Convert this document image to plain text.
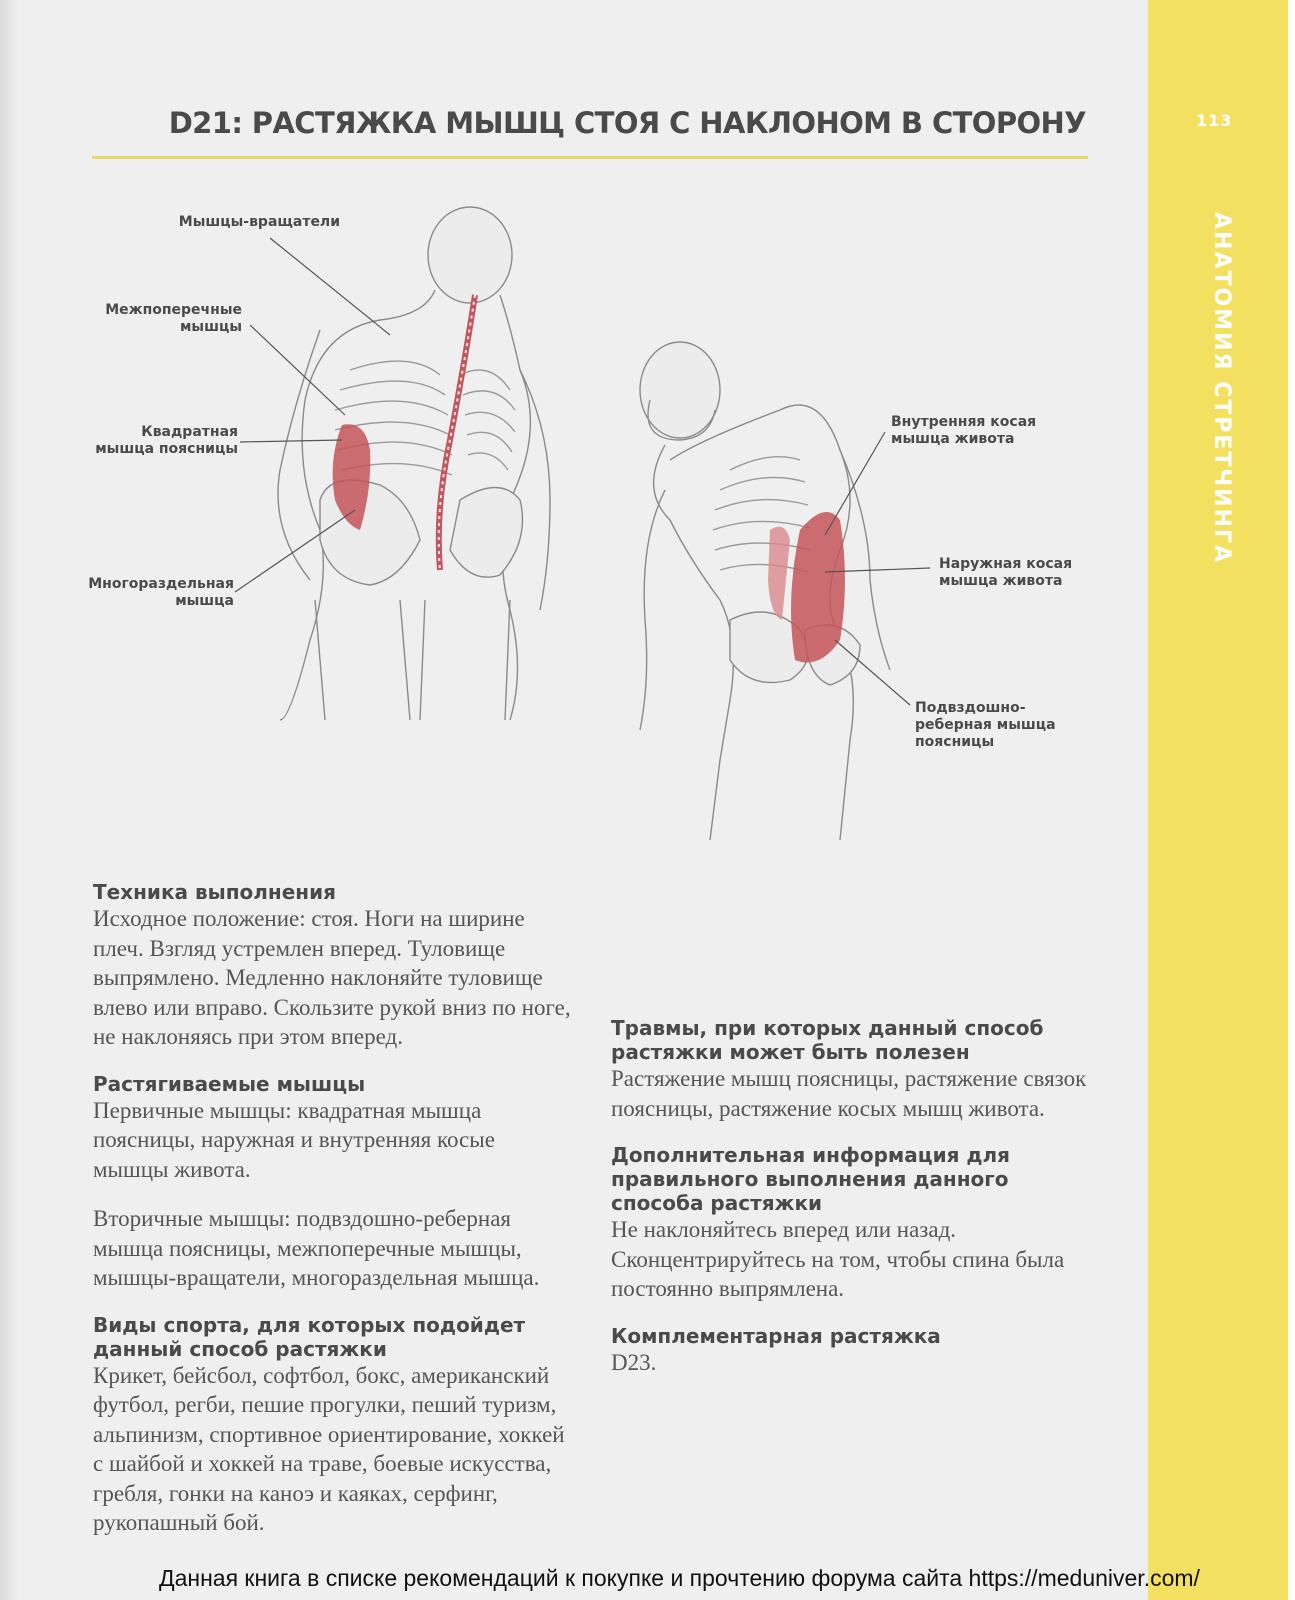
113
АНАТОМИЯ СТРЕТЧИНГА
D21: РАСТЯЖКА МЫШЦ СТОЯ С НАКЛОНОМ В СТОРОНУ
Мышцы-вращатели
Межпоперечные
мышцы
Квадратная
мышца поясницы
Многораздельная
мышца
Внутренняя косая
мышца живота
Наружная косая
мышца живота
Подвздошно-
реберная мышца
поясницы
Техника выполнения

Исходное положение: стоя. Ноги на ширине плеч. Взгляд устремлен вперед. Туловище выпрямлено. Медленно наклоняйте туловище влево или вправо. Скользите рукой вниз по ноге, не наклоняясь при этом вперед.

Растягиваемые мышцы

Первичные мышцы: квадратная мышца поясницы, наружная и внутренняя косые мышцы живота.

Вторичные мышцы: подвздошно-реберная мышца поясницы, межпоперечные мышцы, мышцы-вращатели, многораздельная мышца.

Виды спорта, для которых подойдет данный способ растяжки

Крикет, бейсбол, софтбол, бокс, американский футбол, регби, пешие прогулки, пеший туризм, альпинизм, спортивное ориентирование, хоккей с шайбой и хоккей на траве, боевые искусства, гребля, гонки на каноэ и каяках, серфинг, рукопашный бой.

Травмы, при которых данный способ растяжки может быть полезен

Растяжение мышц поясницы, растяжение связок поясницы, растяжение косых мышц живота.

Дополнительная информация для правильного выполнения данного способа растяжки

Не наклоняйтесь вперед или назад. Сконцентрируйтесь на том, чтобы спина была постоянно выпрямлена.

Комплементарная растяжка

D23.

Данная книга в списке рекомендаций к покупке и прочтению форума сайта https://meduniver.com/
